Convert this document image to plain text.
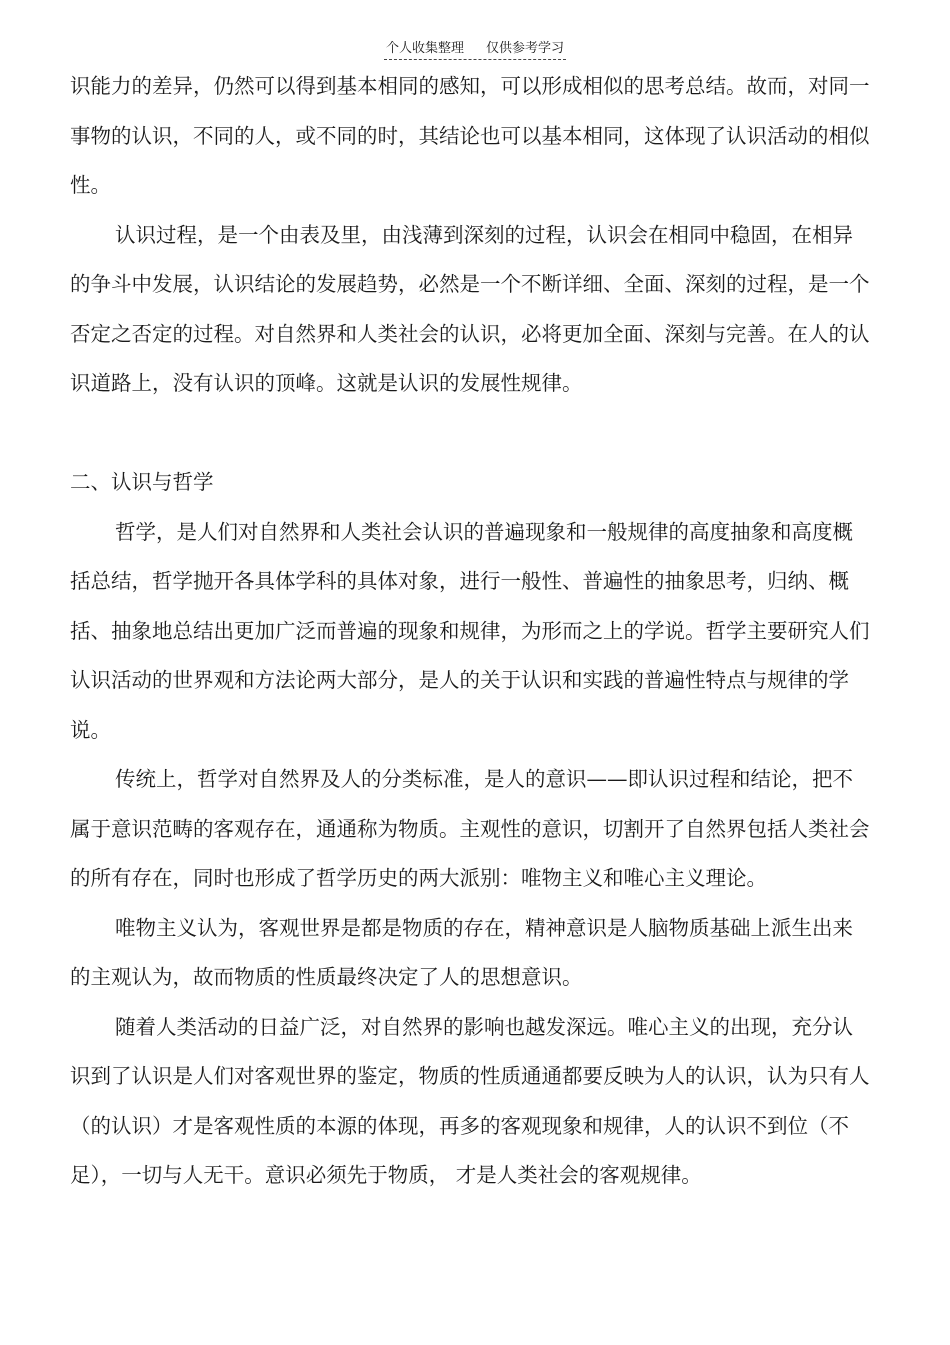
个人收集整理 仅供参考学习

识能力的差异，仍然可以得到基本相同的感知，可以形成相似的思考总结。故而，对同一事物的认识，不同的人，或不同的时，其结论也可以基本相同，这体现了认识活动的相似性。

认识过程，是一个由表及里，由浅薄到深刻的过程，认识会在相同中稳固，在相异的争斗中发展，认识结论的发展趋势，必然是一个不断详细、全面、深刻的过程，是一个否定之否定的过程。对自然界和人类社会的认识，必将更加全面、深刻与完善。在人的认识道路上，没有认识的顶峰。这就是认识的发展性规律。

二、认识与哲学

哲学，是人们对自然界和人类社会认识的普遍现象和一般规律的高度抽象和高度概括总结，哲学抛开各具体学科的具体对象，进行一般性、普遍性的抽象思考，归纳、概括、抽象地总结出更加广泛而普遍的现象和规律，为形而之上的学说。哲学主要研究人们认识活动的世界观和方法论两大部分，是人的关于认识和实践的普遍性特点与规律的学说。

传统上，哲学对自然界及人的分类标准，是人的意识——即认识过程和结论，把不属于意识范畴的客观存在，通通称为物质。主观性的意识，切割开了自然界包括人类社会的所有存在，同时也形成了哲学历史的两大派别：唯物主义和唯心主义理论。

唯物主义认为，客观世界是都是物质的存在，精神意识是人脑物质基础上派生出来的主观认为，故而物质的性质最终决定了人的思想意识。

随着人类活动的日益广泛，对自然界的影响也越发深远。唯心主义的出现，充分认识到了认识是人们对客观世界的鉴定，物质的性质通通都要反映为人的认识，认为只有人（的认识）才是客观性质的本源的体现，再多的客观现象和规律，人的认识不到位（不足），一切与人无干。意识必须先于物质， 才是人类社会的客观规律。
